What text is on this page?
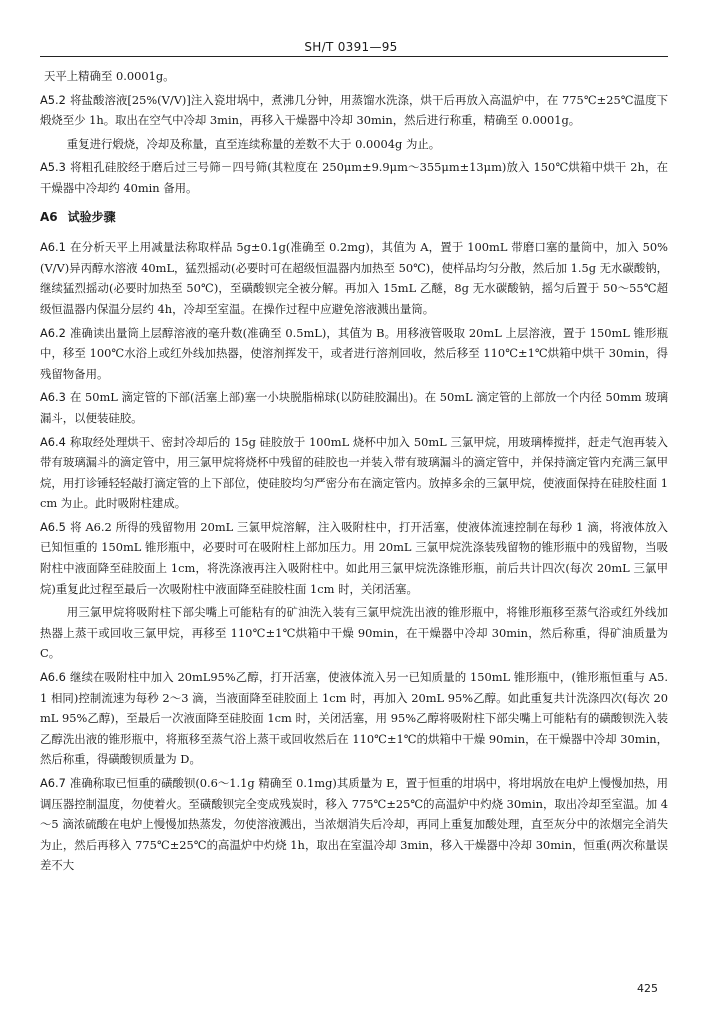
SH/T 0391—95

天平上精确至 0.0001g。

A5.2 将盐酸溶液[25%(V/V)]注入瓷坩埚中，煮沸几分钟，用蒸馏水洗涤，烘干后再放入高温炉中，在 775℃±25℃温度下煅烧至少 1h。取出在空气中冷却 3min，再移入干燥器中冷却 30min，然后进行称重，精确至 0.0001g。

重复进行煅烧，冷却及称量，直至连续称量的差数不大于 0.0004g 为止。

A5.3 将粗孔硅胶经于磨后过三号筛－四号筛(其粒度在 250μm±9.9μm～355μm±13μm)放入 150℃烘箱中烘干 2h，在干燥器中冷却约 40min 备用。

A6 试验步骤

A6.1 在分析天平上用减量法称取样品 5g±0.1g(准确至 0.2mg)，其值为 A，置于 100mL 带磨口塞的量筒中，加入 50%(V/V)异丙醇水溶液 40mL，猛烈摇动(必要时可在超级恒温器内加热至 50℃)，使样品均匀分散，然后加 1.5g 无水碳酸钠，继续猛烈摇动(必要时加热至 50℃)，至磺酸钡完全被分解。再加入 15mL 乙醚，8g 无水碳酸钠，摇匀后置于 50～55℃超级恒温器内保温分层约 4h，冷却至室温。在操作过程中应避免溶液溅出量筒。

A6.2 准确读出量筒上层醇溶液的毫升数(准确至 0.5mL)，其值为 B。用移液管吸取 20mL 上层溶液，置于 150mL 锥形瓶中，移至 100℃水浴上或红外线加热器，使溶剂挥发干，或者进行溶剂回收，然后移至 110℃±1℃烘箱中烘干 30min，得残留物备用。

A6.3 在 50mL 滴定管的下部(活塞上部)塞一小块脱脂棉球(以防硅胶漏出)。在 50mL 滴定管的上部放一个内径 50mm 玻璃漏斗，以便装硅胶。

A6.4 称取经处理烘干、密封冷却后的 15g 硅胶放于 100mL 烧杯中加入 50mL 三氯甲烷，用玻璃棒搅拌，赶走气泡再装入带有玻璃漏斗的滴定管中，用三氯甲烷将烧杯中残留的硅胶也一并装入带有玻璃漏斗的滴定管中，并保持滴定管内充满三氯甲烷，用打诊锤轻轻敲打滴定管的上下部位，使硅胶均匀严密分布在滴定管内。放掉多余的三氯甲烷，使液面保持在硅胶柱面 1cm 为止。此时吸附柱建成。

A6.5 将 A6.2 所得的残留物用 20mL 三氯甲烷溶解，注入吸附柱中，打开活塞，使液体流速控制在每秒 1 滴，将液体放入已知恒重的 150mL 锥形瓶中，必要时可在吸附柱上部加压力。用 20mL 三氯甲烷洗涤装残留物的锥形瓶中的残留物，当吸附柱中液面降至硅胶面上 1cm，将洗涤液再注入吸附柱中。如此用三氯甲烷洗涤锥形瓶，前后共计四次(每次 20mL 三氯甲烷)重复此过程至最后一次吸附柱中液面降至硅胶柱面 1cm 时，关闭活塞。

用三氯甲烷将吸附柱下部尖嘴上可能粘有的矿油洗入装有三氯甲烷洗出液的锥形瓶中，将锥形瓶移至蒸气浴或红外线加热器上蒸干或回收三氯甲烷，再移至 110℃±1℃烘箱中干燥 90min，在干燥器中冷却 30min，然后称重，得矿油质量为 C。

A6.6 继续在吸附柱中加入 20mL95%乙醇，打开活塞，使液体流入另一已知质量的 150mL 锥形瓶中，(锥形瓶恒重与 A5.1 相同)控制流速为每秒 2～3 滴，当液面降至硅胶面上 1cm 时，再加入 20mL 95%乙醇。如此重复共计洗涤四次(每次 20mL 95%乙醇)，至最后一次液面降至硅胶面 1cm 时，关闭活塞，用 95%乙醇将吸附柱下部尖嘴上可能粘有的磺酸钡洗入装乙醇洗出液的锥形瓶中，将瓶移至蒸气浴上蒸干或回收然后在 110℃±1℃的烘箱中干燥 90min，在干燥器中冷却 30min，然后称重，得磺酸钡质量为 D。

A6.7 准确称取已恒重的磺酸钡(0.6～1.1g 精确至 0.1mg)其质量为 E，置于恒重的坩埚中，将坩埚放在电炉上慢慢加热，用调压器控制温度，勿使着火。至磺酸钡完全变成残炭时，移入 775℃±25℃的高温炉中灼烧 30min，取出冷却至室温。加 4～5 滴浓硫酸在电炉上慢慢加热蒸发，勿使溶液溅出，当浓烟消失后冷却，再同上重复加酸处理，直至灰分中的浓烟完全消失为止，然后再移入 775℃±25℃的高温炉中灼烧 1h，取出在室温冷却 3min，移入干燥器中冷却 30min，恒重(两次称量误差不大

425
